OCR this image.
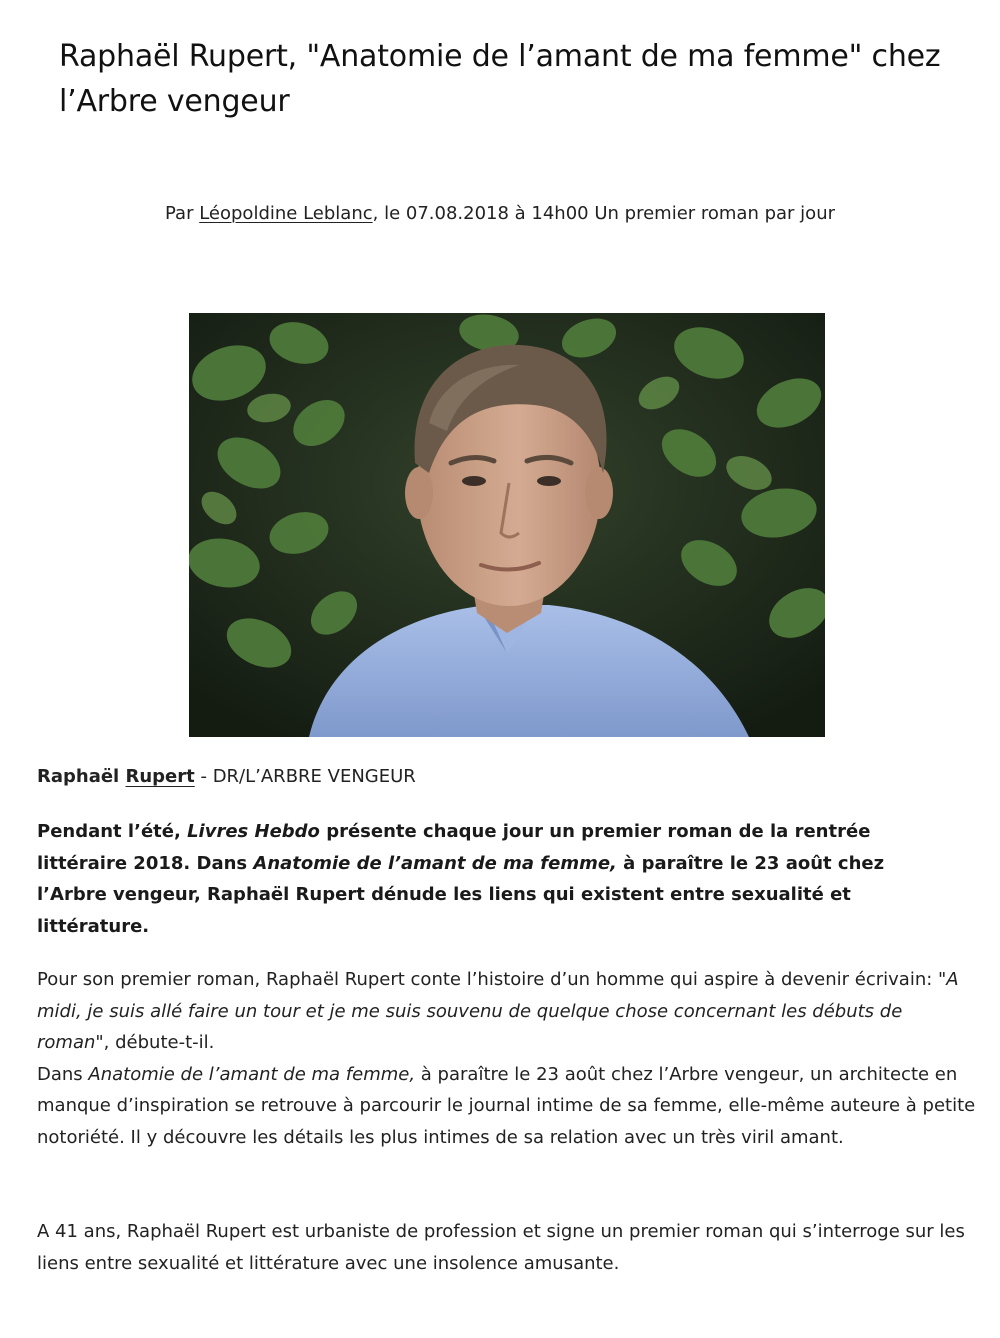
Raphaël Rupert, "Anatomie de l’amant de ma femme" chez l’Arbre vengeur
Par Léopoldine Leblanc, le 07.08.2018 à 14h00 Un premier roman par jour
Raphaël Rupert - DR/L’ARBRE VENGEUR

Pendant l’été, Livres Hebdo présente chaque jour un premier roman de la rentrée littéraire 2018. Dans Anatomie de l’amant de ma femme, à paraître le 23 août chez l’Arbre vengeur, Raphaël Rupert dénude les liens qui existent entre sexualité et littérature.

Pour son premier roman, Raphaël Rupert conte l’histoire d’un homme qui aspire à devenir écrivain: "A midi, je suis allé faire un tour et je me suis souvenu de quelque chose concernant les débuts de roman", débute-t-il.
Dans Anatomie de l’amant de ma femme, à paraître le 23 août chez l’Arbre vengeur, un architecte en manque d’inspiration se retrouve à parcourir le journal intime de sa femme, elle-même auteure à petite notoriété. Il y découvre les détails les plus intimes de sa relation avec un très viril amant.

A 41 ans, Raphaël Rupert est urbaniste de profession et signe un premier roman qui s’interroge sur les liens entre sexualité et littérature avec une insolence amusante.
